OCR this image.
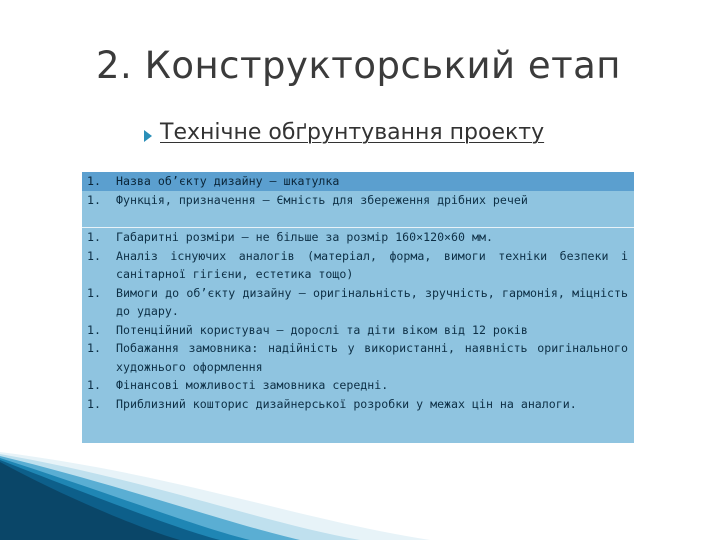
2. Конструкторський етап
Технічне обґрунтування проекту
1. Назва об’єкту дизайну – шкатулка
1. Функція, призначення – Ємність для збереження дрібних речей
1. Габаритні розміри – не більше за розмір 160×120×60 мм.
1. Аналіз існуючих аналогів (матеріал, форма, вимоги техніки безпеки і санітарної гігієни, естетика тощо)
1. Вимоги до об’єкту дизайну – оригінальність, зручність, гармонія, міцність до удару.
1. Потенційний користувач – дорослі та діти віком від 12 років
1. Побажання замовника: надійність у використанні, наявність оригінального художнього оформлення
1. Фінансові можливості замовника середні.
1. Приблизний кошторис дизайнерської розробки у межах цін на аналоги.
